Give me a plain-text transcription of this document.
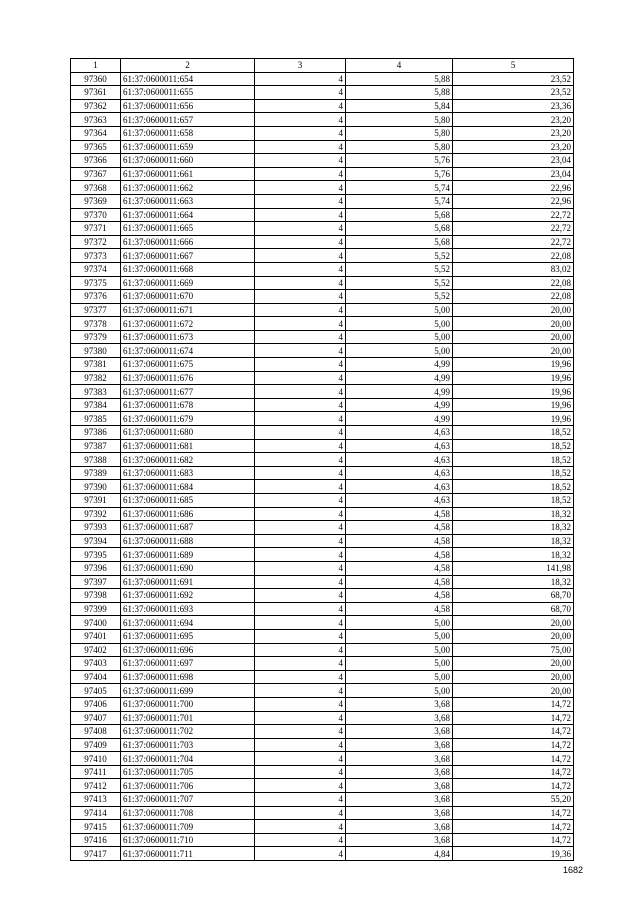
1	2	3	4	5
97360	61:37:0600011:654	4	5,88	23,52
97361	61:37:0600011:655	4	5,88	23,52
97362	61:37:0600011:656	4	5,84	23,36
97363	61:37:0600011:657	4	5,80	23,20
97364	61:37:0600011:658	4	5,80	23,20
97365	61:37:0600011:659	4	5,80	23,20
97366	61:37:0600011:660	4	5,76	23,04
97367	61:37:0600011:661	4	5,76	23,04
97368	61:37:0600011:662	4	5,74	22,96
97369	61:37:0600011:663	4	5,74	22,96
97370	61:37:0600011:664	4	5,68	22,72
97371	61:37:0600011:665	4	5,68	22,72
97372	61:37:0600011:666	4	5,68	22,72
97373	61:37:0600011:667	4	5,52	22,08
97374	61:37:0600011:668	4	5,52	83,02
97375	61:37:0600011:669	4	5,52	22,08
97376	61:37:0600011:670	4	5,52	22,08
97377	61:37:0600011:671	4	5,00	20,00
97378	61:37:0600011:672	4	5,00	20,00
97379	61:37:0600011:673	4	5,00	20,00
97380	61:37:0600011:674	4	5,00	20,00
97381	61:37:0600011:675	4	4,99	19,96
97382	61:37:0600011:676	4	4,99	19,96
97383	61:37:0600011:677	4	4,99	19,96
97384	61:37:0600011:678	4	4,99	19,96
97385	61:37:0600011:679	4	4,99	19,96
97386	61:37:0600011:680	4	4,63	18,52
97387	61:37:0600011:681	4	4,63	18,52
97388	61:37:0600011:682	4	4,63	18,52
97389	61:37:0600011:683	4	4,63	18,52
97390	61:37:0600011:684	4	4,63	18,52
97391	61:37:0600011:685	4	4,63	18,52
97392	61:37:0600011:686	4	4,58	18,32
97393	61:37:0600011:687	4	4,58	18,32
97394	61:37:0600011:688	4	4,58	18,32
97395	61:37:0600011:689	4	4,58	18,32
97396	61:37:0600011:690	4	4,58	141,98
97397	61:37:0600011:691	4	4,58	18,32
97398	61:37:0600011:692	4	4,58	68,70
97399	61:37:0600011:693	4	4,58	68,70
97400	61:37:0600011:694	4	5,00	20,00
97401	61:37:0600011:695	4	5,00	20,00
97402	61:37:0600011:696	4	5,00	75,00
97403	61:37:0600011:697	4	5,00	20,00
97404	61:37:0600011:698	4	5,00	20,00
97405	61:37:0600011:699	4	5,00	20,00
97406	61:37:0600011:700	4	3,68	14,72
97407	61:37:0600011:701	4	3,68	14,72
97408	61:37:0600011:702	4	3,68	14,72
97409	61:37:0600011:703	4	3,68	14,72
97410	61:37:0600011:704	4	3,68	14,72
97411	61:37:0600011:705	4	3,68	14,72
97412	61:37:0600011:706	4	3,68	14,72
97413	61:37:0600011:707	4	3,68	55,20
97414	61:37:0600011:708	4	3,68	14,72
97415	61:37:0600011:709	4	3,68	14,72
97416	61:37:0600011:710	4	3,68	14,72
97417	61:37:0600011:711	4	4,84	19,36
1682
